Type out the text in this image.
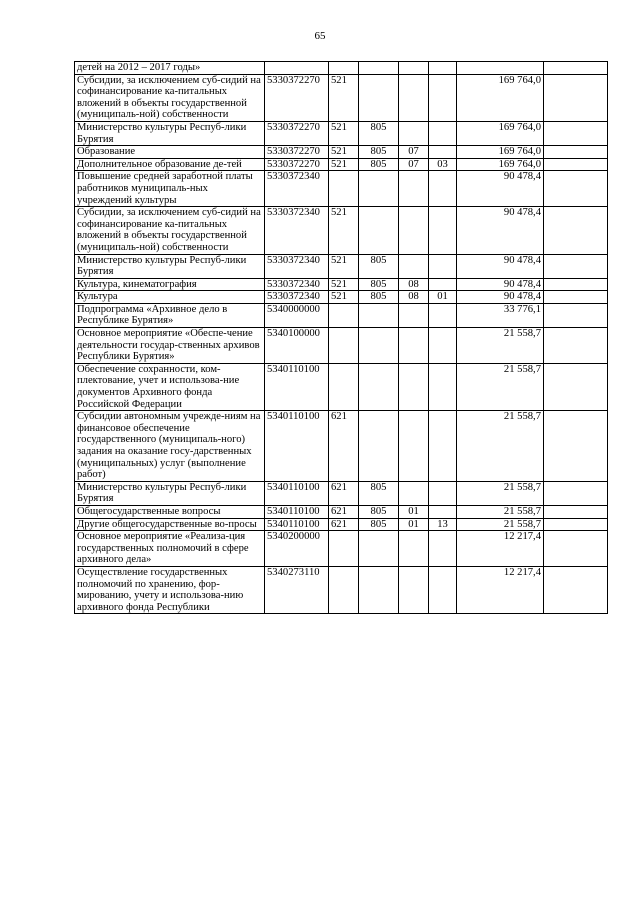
65
детей на 2012 – 2017 годы»							
Субсидии, за исключением суб-сидий на софинансирование ка-питальных вложений в объекты государственной (муниципаль-ной) собственности	5330372270	521				169 764,0	
Министерство культуры Респуб-лики Бурятия	5330372270	521	805			169 764,0	
Образование	5330372270	521	805	07		169 764,0	
Дополнительное образование де-тей	5330372270	521	805	07	03	169 764,0	
Повышение средней заработной платы работников муниципаль-ных учреждений культуры	5330372340					90 478,4	
Субсидии, за исключением суб-сидий на софинансирование ка-питальных вложений в объекты государственной (муниципаль-ной) собственности	5330372340	521				90 478,4	
Министерство культуры Респуб-лики Бурятия	5330372340	521	805			90 478,4	
Культура, кинематография	5330372340	521	805	08		90 478,4	
Культура	5330372340	521	805	08	01	90 478,4	
Подпрограмма «Архивное дело в Республике Бурятия»	5340000000					33 776,1	
Основное мероприятие «Обеспе-чение деятельности государ-ственных архивов Республики Бурятия»	5340100000					21 558,7	
Обеспечение сохранности, ком-плектование, учет и использова-ние документов Архивного фонда Российской Федерации	5340110100					21 558,7	
Субсидии автономным учрежде-ниям на финансовое обеспечение государственного (муниципаль-ного) задания на оказание госу-дарственных (муниципальных) услуг (выполнение работ)	5340110100	621				21 558,7	
Министерство культуры Респуб-лики Бурятия	5340110100	621	805			21 558,7	
Общегосударственные вопросы	5340110100	621	805	01		21 558,7	
Другие общегосударственные во-просы	5340110100	621	805	01	13	21 558,7	
Основное мероприятие «Реализа-ция государственных полномочий в сфере архивного дела»	5340200000					12 217,4	
Осуществление государственных полномочий по хранению, фор-мированию, учету и использова-нию архивного фонда Республики	5340273110					12 217,4	
